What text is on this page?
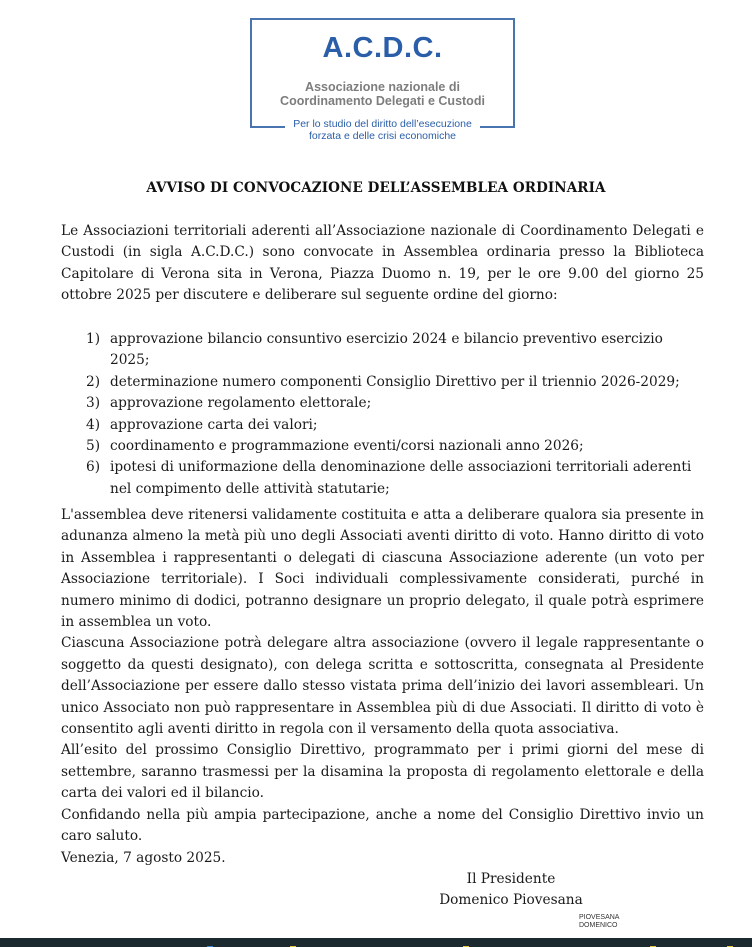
A.C.D.C.
Associazione nazionale di
Coordinamento Delegati e Custodi
Per lo studio del diritto dell’esecuzione
forzata e delle crisi economiche
AVVISO DI CONVOCAZIONE DELL’ASSEMBLEA ORDINARIA
Le Associazioni territoriali aderenti all’Associazione nazionale di Coordinamento Delegati e Custodi (in sigla A.C.D.C.) sono convocate in Assemblea ordinaria presso la Biblioteca Capitolare di Verona sita in Verona, Piazza Duomo n. 19, per le ore 9.00 del giorno 25 ottobre 2025 per discutere e deliberare sul seguente ordine del giorno:
1) approvazione bilancio consuntivo esercizio 2024 e bilancio preventivo esercizio 2025;
2) determinazione numero componenti Consiglio Direttivo per il triennio 2026-2029;
3) approvazione regolamento elettorale;
4) approvazione carta dei valori;
5) coordinamento e programmazione eventi/corsi nazionali anno 2026;
6) ipotesi di uniformazione della denominazione delle associazioni territoriali aderenti nel compimento delle attività statutarie;
L'assemblea deve ritenersi validamente costituita e atta a deliberare qualora sia presente in adunanza almeno la metà più uno degli Associati aventi diritto di voto. Hanno diritto di voto in Assemblea i rappresentanti o delegati di ciascuna Associazione aderente (un voto per Associazione territoriale). I Soci individuali complessivamente considerati, purché in numero minimo di dodici, potranno designare un proprio delegato, il quale potrà esprimere in assemblea un voto.
Ciascuna Associazione potrà delegare altra associazione (ovvero il legale rappresentante o soggetto da questi designato), con delega scritta e sottoscritta, consegnata al Presidente dell’Associazione per essere dallo stesso vistata prima dell’inizio dei lavori assembleari. Un unico Associato non può rappresentare in Assemblea più di due Associati. Il diritto di voto è consentito agli aventi diritto in regola con il versamento della quota associativa.
All’esito del prossimo Consiglio Direttivo, programmato per i primi giorni del mese di settembre, saranno trasmessi per la disamina la proposta di regolamento elettorale e della carta dei valori ed il bilancio.
Confidando nella più ampia partecipazione, anche a nome del Consiglio Direttivo invio un caro saluto.
Venezia, 7 agosto 2025.
Il Presidente
Domenico Piovesana
PIOVESANA
DOMENICO
